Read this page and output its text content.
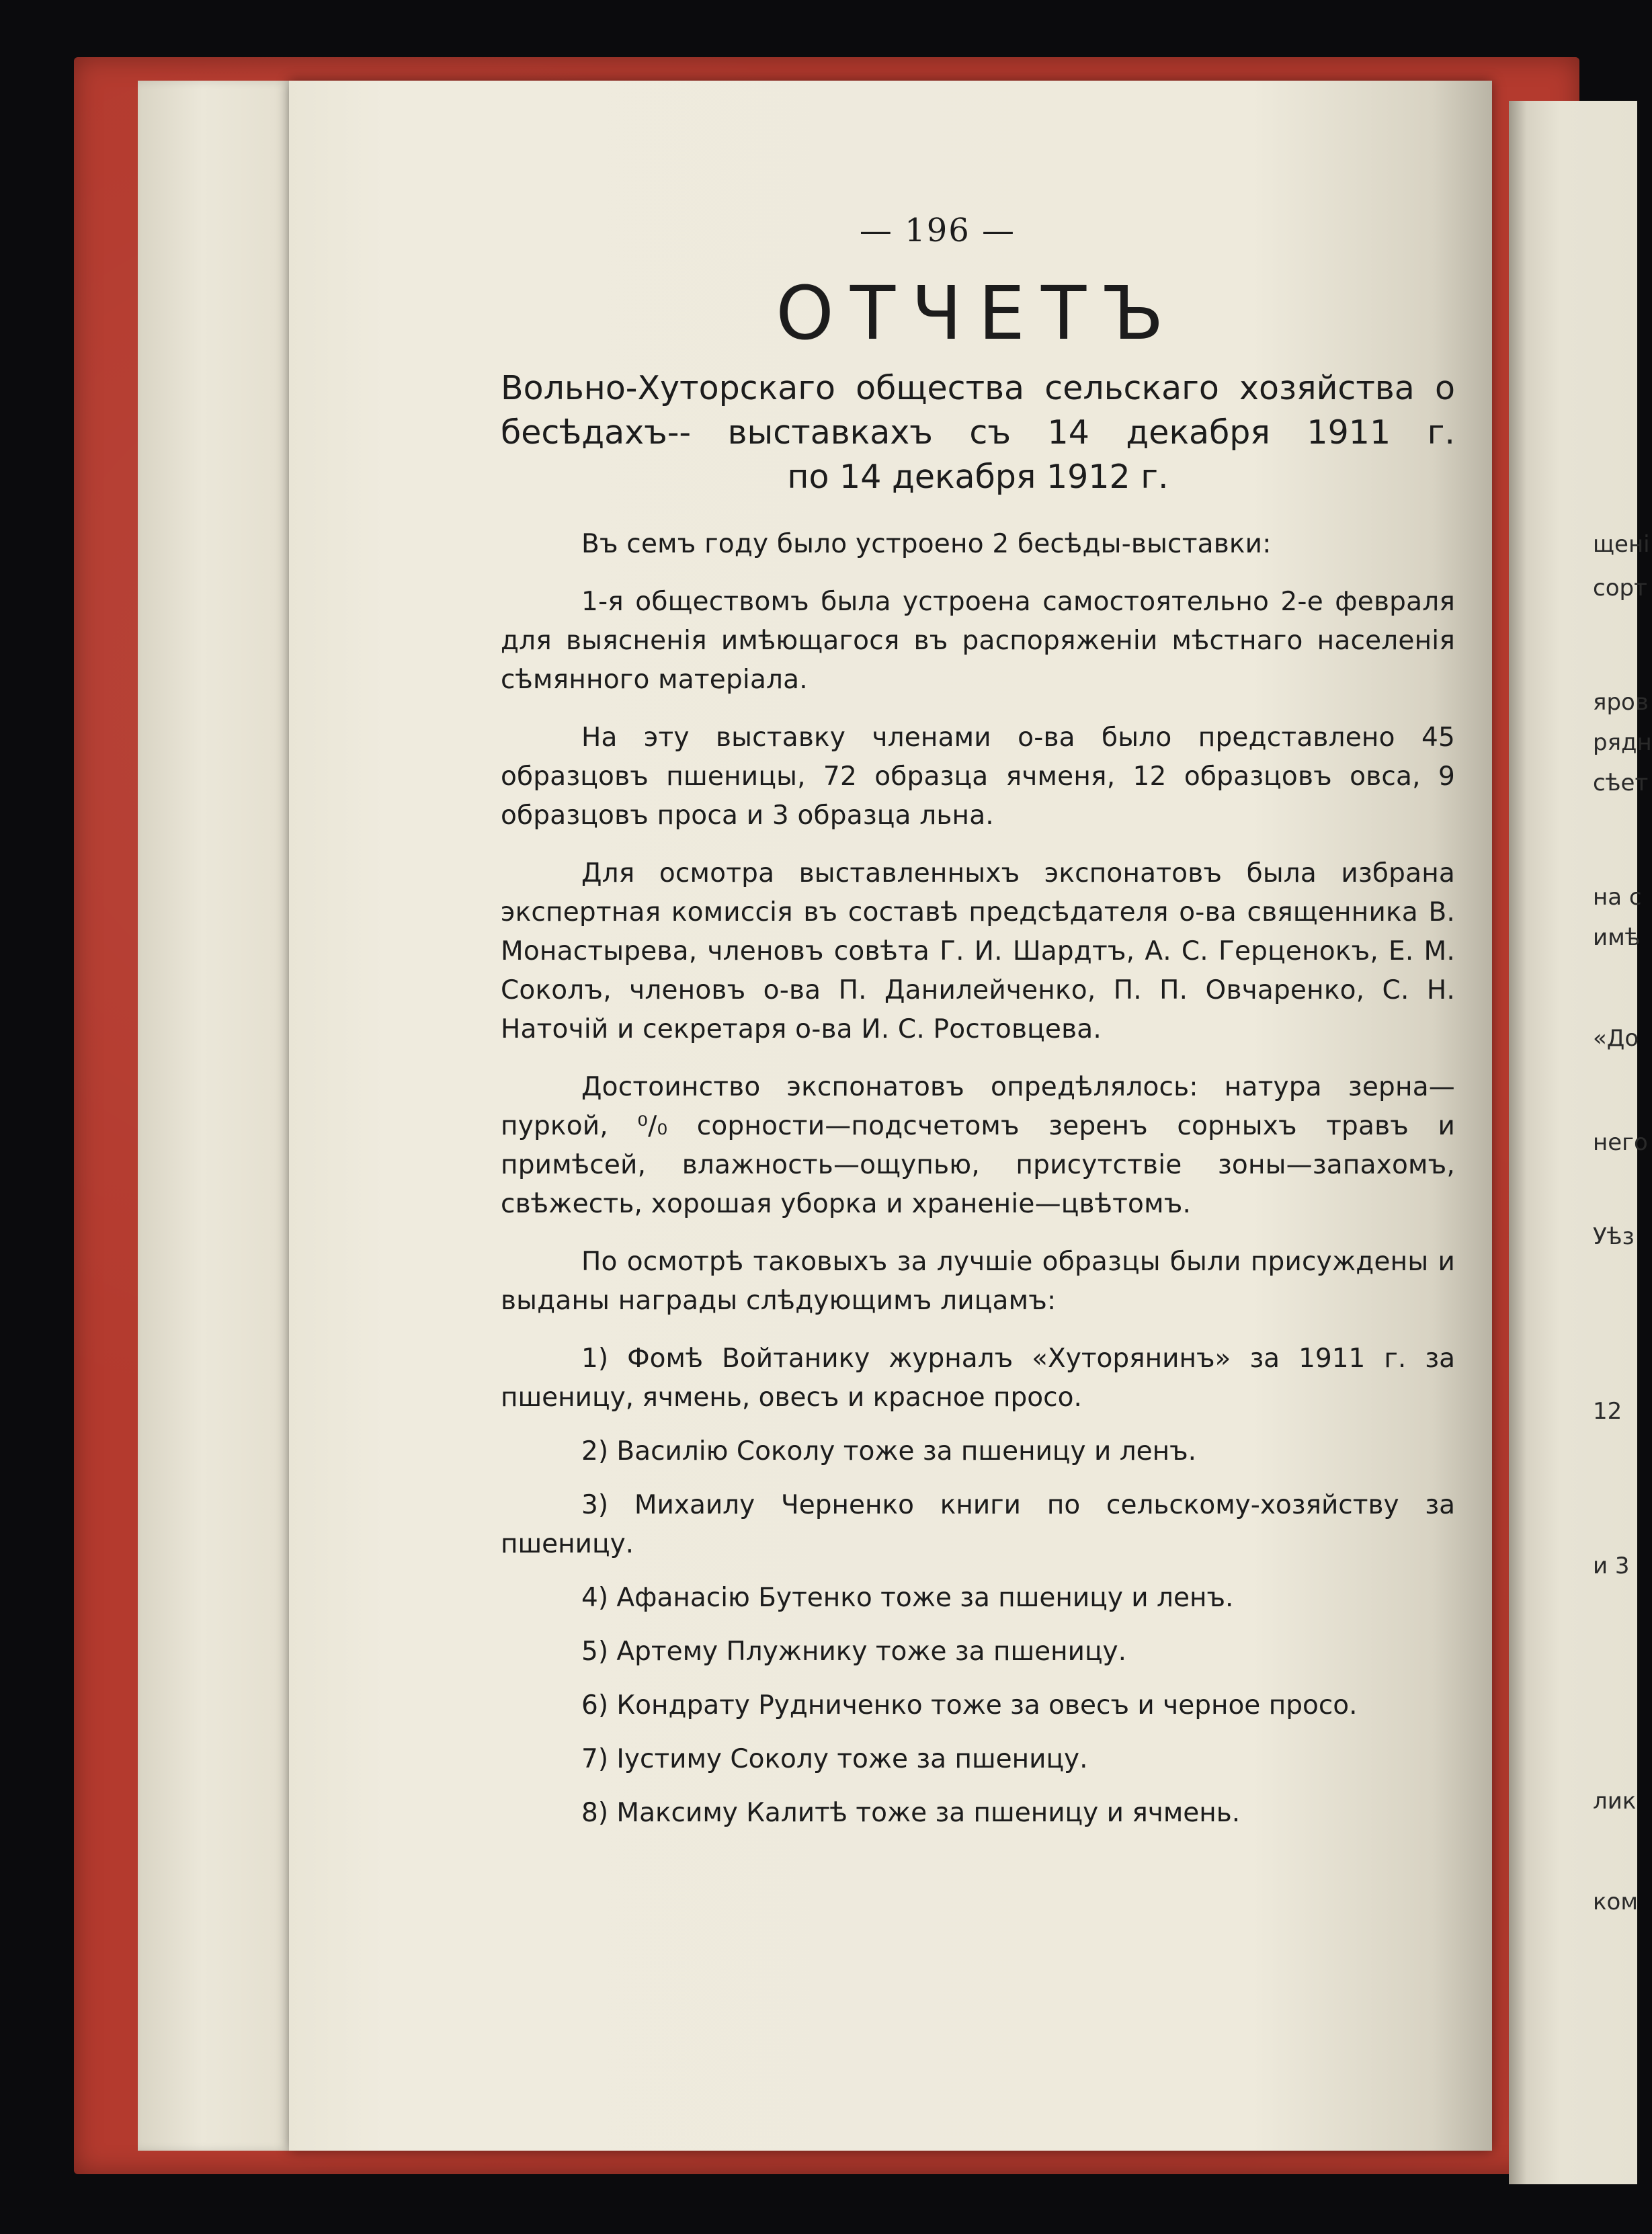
щені
сорт
яров
рядн
сѣет
на с
имѣ
«До
него
Уѣз
12
и 3
лик
ком
— 196 —
ОТЧЕТЪ
Вольно-Хуторскаго общества сельскаго хозяйства о
бесѣдахъ-- выставкахъ съ 14 декабря 1911 г.
по 14 декабря 1912 г.

Въ семъ году было устроено 2 бесѣды-выставки:

1-я обществомъ была устроена самостоятельно 2-е февраля для выясненія имѣющагося въ распоряженіи мѣстнаго населенія сѣмянного матеріала.

На эту выставку членами о-ва было представлено 45 образцовъ пшеницы, 72 образца ячменя, 12 образцовъ овса, 9 образцовъ проса и 3 образца льна.

Для осмотра выставленныхъ экспонатовъ была избрана экспертная комиссія въ составѣ предсѣдателя о-ва священника В. Монастырева, членовъ совѣта Г. И. Шардтъ, А. С. Герценокъ, Е. М. Соколъ, членовъ о-ва П. Данилейченко, П. П. Овчаренко, С. Н. Наточій и секретаря о-ва И. С. Ростовцева.

Достоинство экспонатовъ опредѣлялось: натура зерна—пуркой, ⁰/₀ сорности—подсчетомъ зеренъ сорныхъ травъ и примѣсей, влажность—ощупью, присутствіе зоны—запахомъ, свѣжесть, хорошая уборка и храненіе—цвѣтомъ.

По осмотрѣ таковыхъ за лучшіе образцы были присуждены и выданы награды слѣдующимъ лицамъ:

1) Фомѣ Войтанику журналъ «Хуторянинъ» за 1911 г. за пшеницу, ячмень, овесъ и красное просо.
2) Василію Соколу тоже за пшеницу и ленъ.
3) Михаилу Черненко книги по сельскому-хозяйству за пшеницу.
4) Афанасію Бутенко тоже за пшеницу и ленъ.
5) Артему Плужнику тоже за пшеницу.
6) Кондрату Рудниченко тоже за овесъ и черное просо.
7) Іустиму Соколу тоже за пшеницу.
8) Максиму Калитѣ тоже за пшеницу и ячмень.
